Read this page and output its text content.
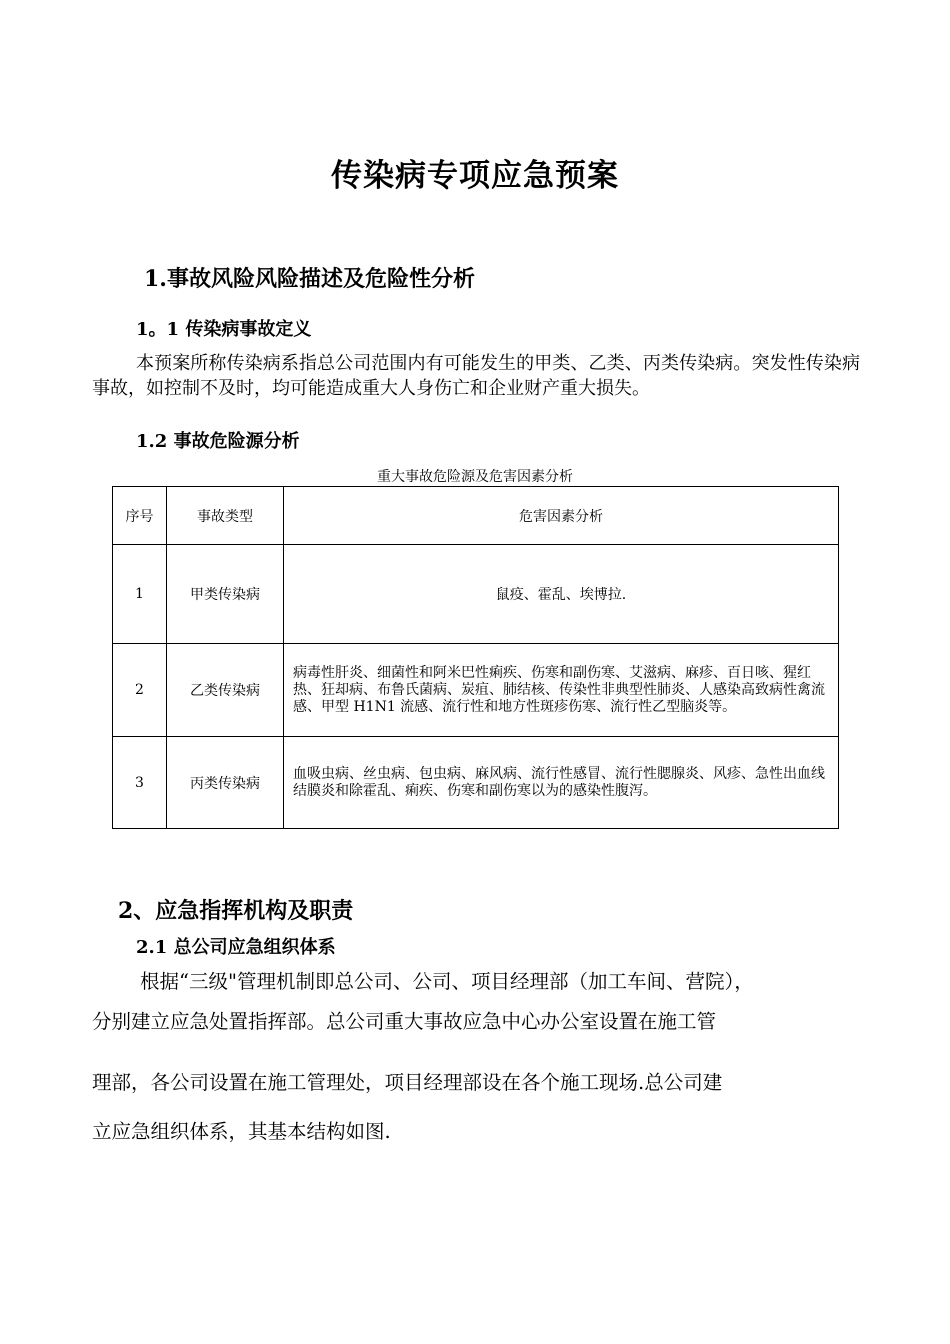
传染病专项应急预案
1.事故风险风险描述及危险性分析
1。1 传染病事故定义
本预案所称传染病系指总公司范围内有可能发生的甲类、乙类、丙类传染病。突发性传染病事故，如控制不及时，均可能造成重大人身伤亡和企业财产重大损失。
1.2 事故危险源分析
重大事故危险源及危害因素分析
序号	事故类型	危害因素分析
1	甲类传染病	鼠疫、霍乱、埃博拉.
2	乙类传染病	病毒性肝炎、细菌性和阿米巴性痢疾、伤寒和副伤寒、艾滋病、麻疹、百日咳、猩红热、狂却病、布鲁氏菌病、炭疽、肺结核、传染性非典型性肺炎、人感染高致病性禽流感、甲型 H1N1 流感、流行性和地方性斑疹伤寒、流行性乙型脑炎等。
3	丙类传染病	血吸虫病、丝虫病、包虫病、麻风病、流行性感冒、流行性腮腺炎、风疹、急性出血线结膜炎和除霍乱、痢疾、伤寒和副伤寒以为的感染性腹泻。
2、应急指挥机构及职责
2.1 总公司应急组织体系
根据“三级"管理机制即总公司、公司、项目经理部（加工车间、营院），
分别建立应急处置指挥部。总公司重大事故应急中心办公室设置在施工管
理部，各公司设置在施工管理处，项目经理部设在各个施工现场.总公司建
立应急组织体系，其基本结构如图.
